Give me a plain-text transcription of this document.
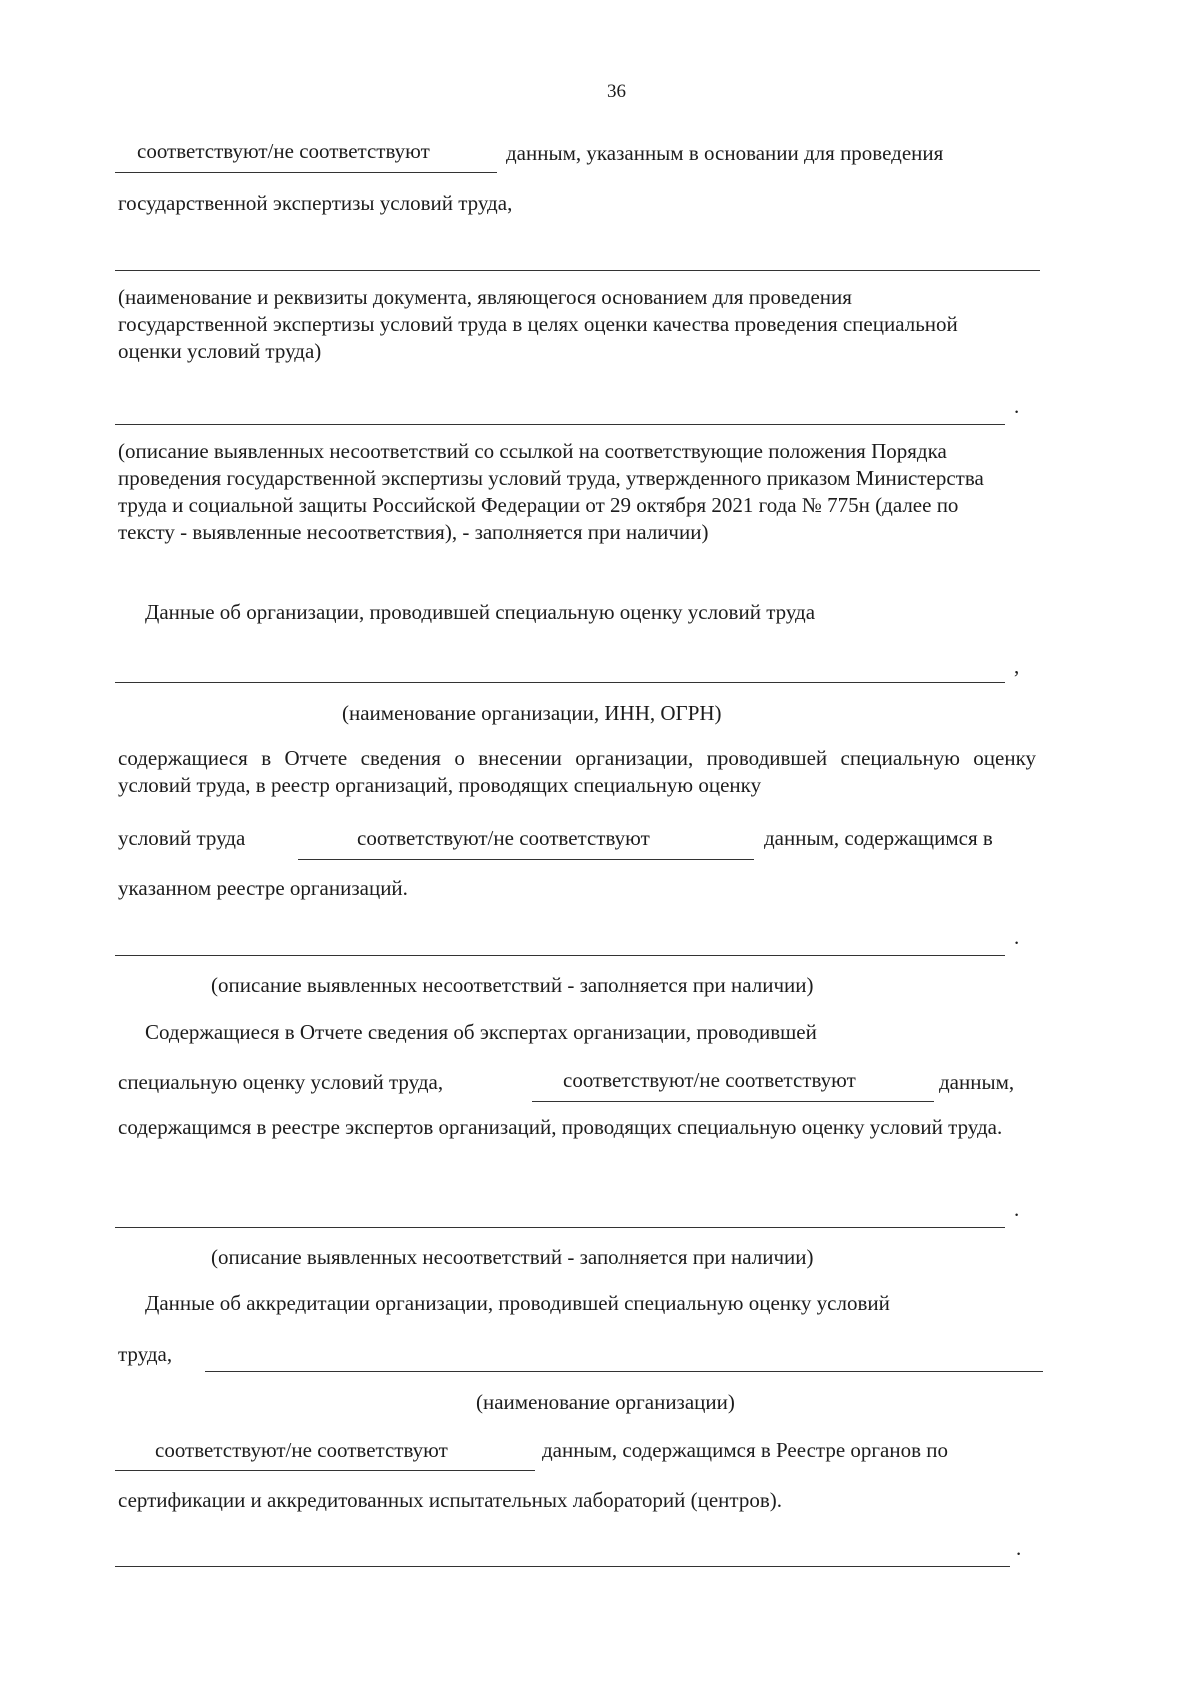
36
соответствуют/не соответствуют	данным, указанным в основании для проведения
государственной экспертизы условий труда,
(наименование и реквизиты документа, являющегося основанием для проведения государственной экспертизы условий труда в целях оценки качества проведения специальной оценки условий труда)
.
(описание выявленных несоответствий со ссылкой на соответствующие положения Порядка проведения государственной экспертизы условий труда, утвержденного приказом Министерства труда и социальной защиты Российской Федерации от 29 октября 2021 года № 775н (далее по тексту - выявленные несоответствия), - заполняется при наличии)
Данные об организации, проводившей специальную оценку условий труда
,
(наименование организации, ИНН, ОГРН)
содержащиеся в Отчете сведения о внесении организации, проводившей специальную оценку условий труда, в реестр организаций, проводящих специальную оценку
условий труда	соответствуют/не соответствуют	данным, содержащимся в
указанном реестре организаций.
.
(описание выявленных несоответствий - заполняется при наличии)
Содержащиеся в Отчете сведения об экспертах организации, проводившей
специальную оценку условий труда,	соответствуют/не соответствуют	данным,
содержащимся в реестре экспертов организаций, проводящих специальную оценку условий труда.
.
(описание выявленных несоответствий - заполняется при наличии)
Данные об аккредитации организации, проводившей специальную оценку условий
труда,
(наименование организации)
соответствуют/не соответствуют	данным, содержащимся в Реестре органов по
сертификации и аккредитованных испытательных лабораторий (центров).
.
